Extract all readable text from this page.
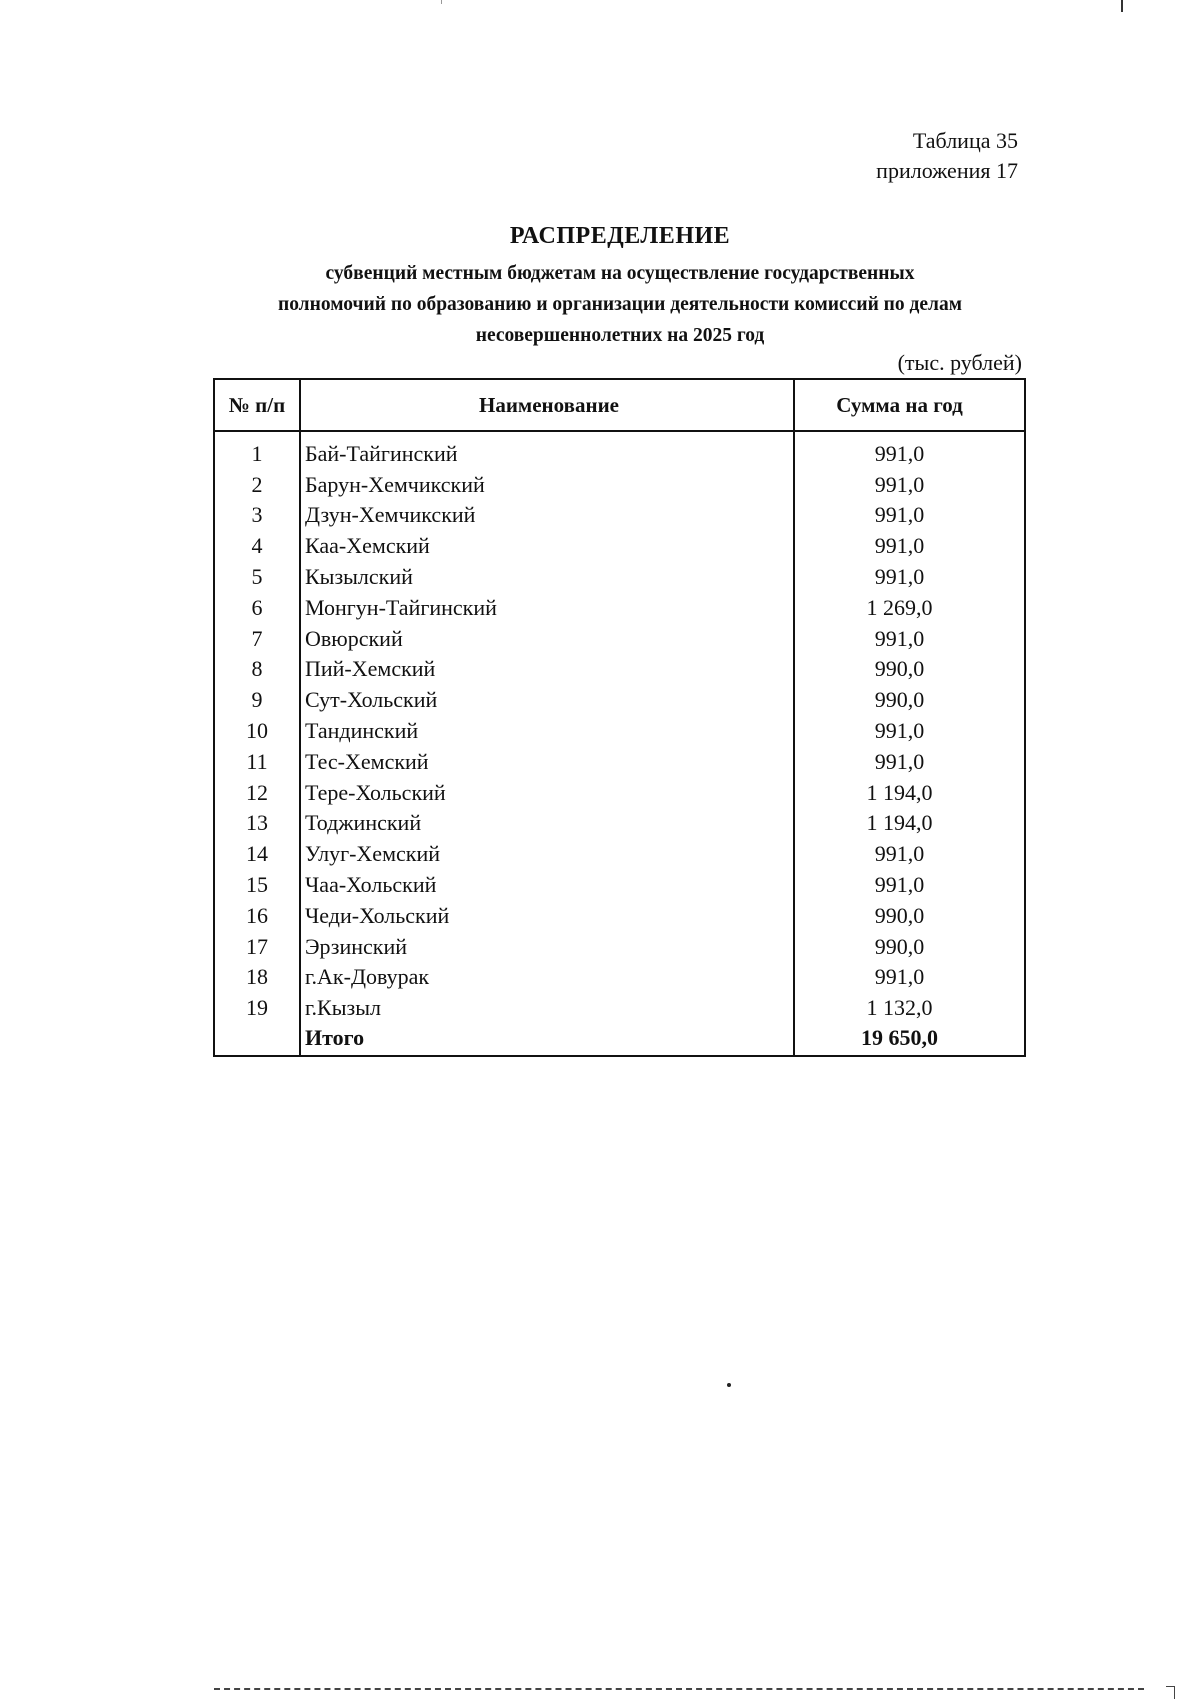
Таблица 35
приложения 17
РАСПРЕДЕЛЕНИЕ
субвенций местным бюджетам на осуществление государственных
полномочий по образованию и организации деятельности комиссий по делам
несовершеннолетних на 2025 год
(тыс. рублей)
№ п/п	Наименование	Сумма на год
1	Бай-Тайгинский	991,0
2	Барун-Хемчикский	991,0
3	Дзун-Хемчикский	991,0
4	Каа-Хемский	991,0
5	Кызылский	991,0
6	Монгун-Тайгинский	1 269,0
7	Овюрский	991,0
8	Пий-Хемский	990,0
9	Сут-Хольский	990,0
10	Тандинский	991,0
11	Тес-Хемский	991,0
12	Тере-Хольский	1 194,0
13	Тоджинский	1 194,0
14	Улуг-Хемский	991,0
15	Чаа-Хольский	991,0
16	Чеди-Хольский	990,0
17	Эрзинский	990,0
18	г.Ак-Довурак	991,0
19	г.Кызыл	1 132,0
	Итого	19 650,0
